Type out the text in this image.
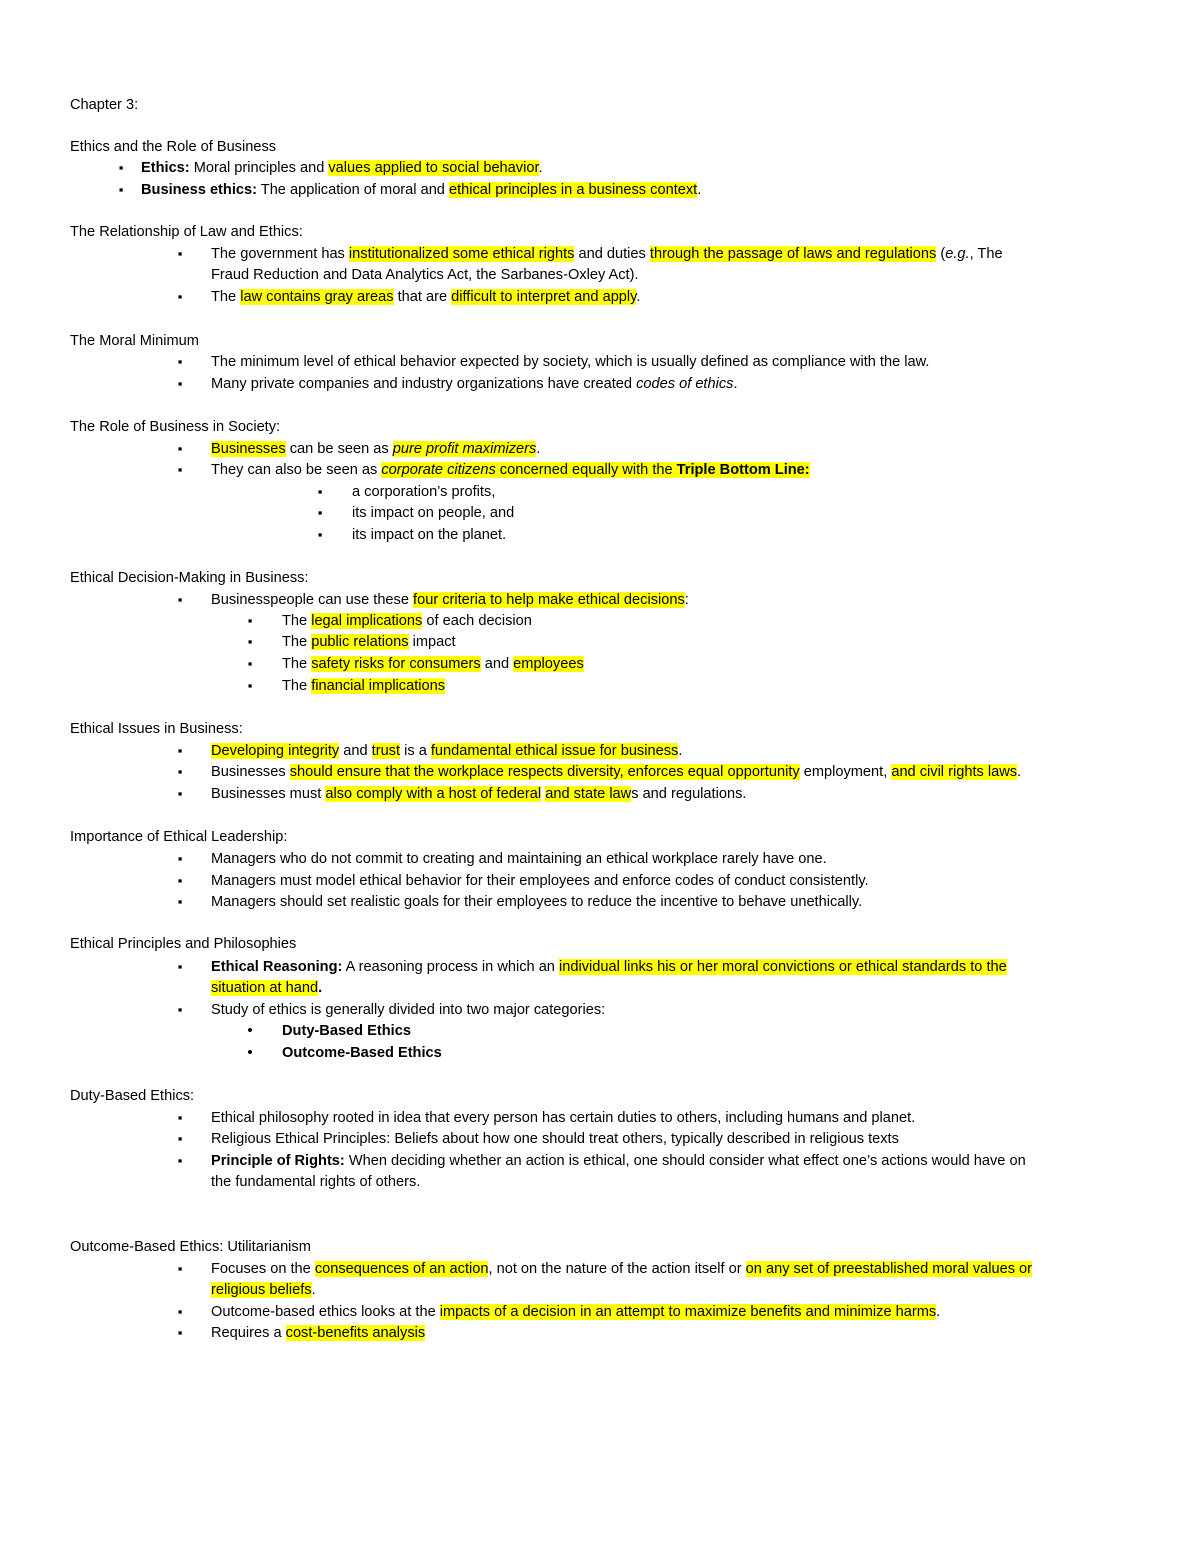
Chapter 3:
Ethics and the Role of Business
▪ Ethics: Moral principles and values applied to social behavior.
▪ Business ethics: The application of moral and ethical principles in a business context.
The Relationship of Law and Ethics:
▪ The government has institutionalized some ethical rights and duties through the passage of laws and regulations (e.g., The
Fraud Reduction and Data Analytics Act, the Sarbanes-Oxley Act).
▪ The law contains gray areas that are difficult to interpret and apply.
The Moral Minimum
▪ The minimum level of ethical behavior expected by society, which is usually defined as compliance with the law.
▪ Many private companies and industry organizations have created codes of ethics.
The Role of Business in Society:
▪ Businesses can be seen as pure profit maximizers.
▪ They can also be seen as corporate citizens concerned equally with the Triple Bottom Line:
▪ a corporation’s profits,
▪ its impact on people, and
▪ its impact on the planet.
Ethical Decision-Making in Business:
▪ Businesspeople can use these four criteria to help make ethical decisions:
▪ The legal implications of each decision
▪ The public relations impact
▪ The safety risks for consumers and employees
▪ The financial implications
Ethical Issues in Business:
▪ Developing integrity and trust is a fundamental ethical issue for business.
▪ Businesses should ensure that the workplace respects diversity, enforces equal opportunity employment, and civil rights laws.
▪ Businesses must also comply with a host of federal and state laws and regulations.
Importance of Ethical Leadership:
▪ Managers who do not commit to creating and maintaining an ethical workplace rarely have one.
▪ Managers must model ethical behavior for their employees and enforce codes of conduct consistently.
▪ Managers should set realistic goals for their employees to reduce the incentive to behave unethically.
Ethical Principles and Philosophies
▪ Ethical Reasoning: A reasoning process in which an individual links his or her moral convictions or ethical standards to the
situation at hand.
▪ Study of ethics is generally divided into two major categories:
• Duty-Based Ethics
• Outcome-Based Ethics
Duty-Based Ethics:
▪ Ethical philosophy rooted in idea that every person has certain duties to others, including humans and planet.
▪ Religious Ethical Principles: Beliefs about how one should treat others, typically described in religious texts
▪ Principle of Rights: When deciding whether an action is ethical, one should consider what effect one’s actions would have on
the fundamental rights of others.
Outcome-Based Ethics: Utilitarianism
▪ Focuses on the consequences of an action, not on the nature of the action itself or on any set of preestablished moral values or
religious beliefs.
▪ Outcome-based ethics looks at the impacts of a decision in an attempt to maximize benefits and minimize harms.
▪ Requires a cost-benefits analysis
